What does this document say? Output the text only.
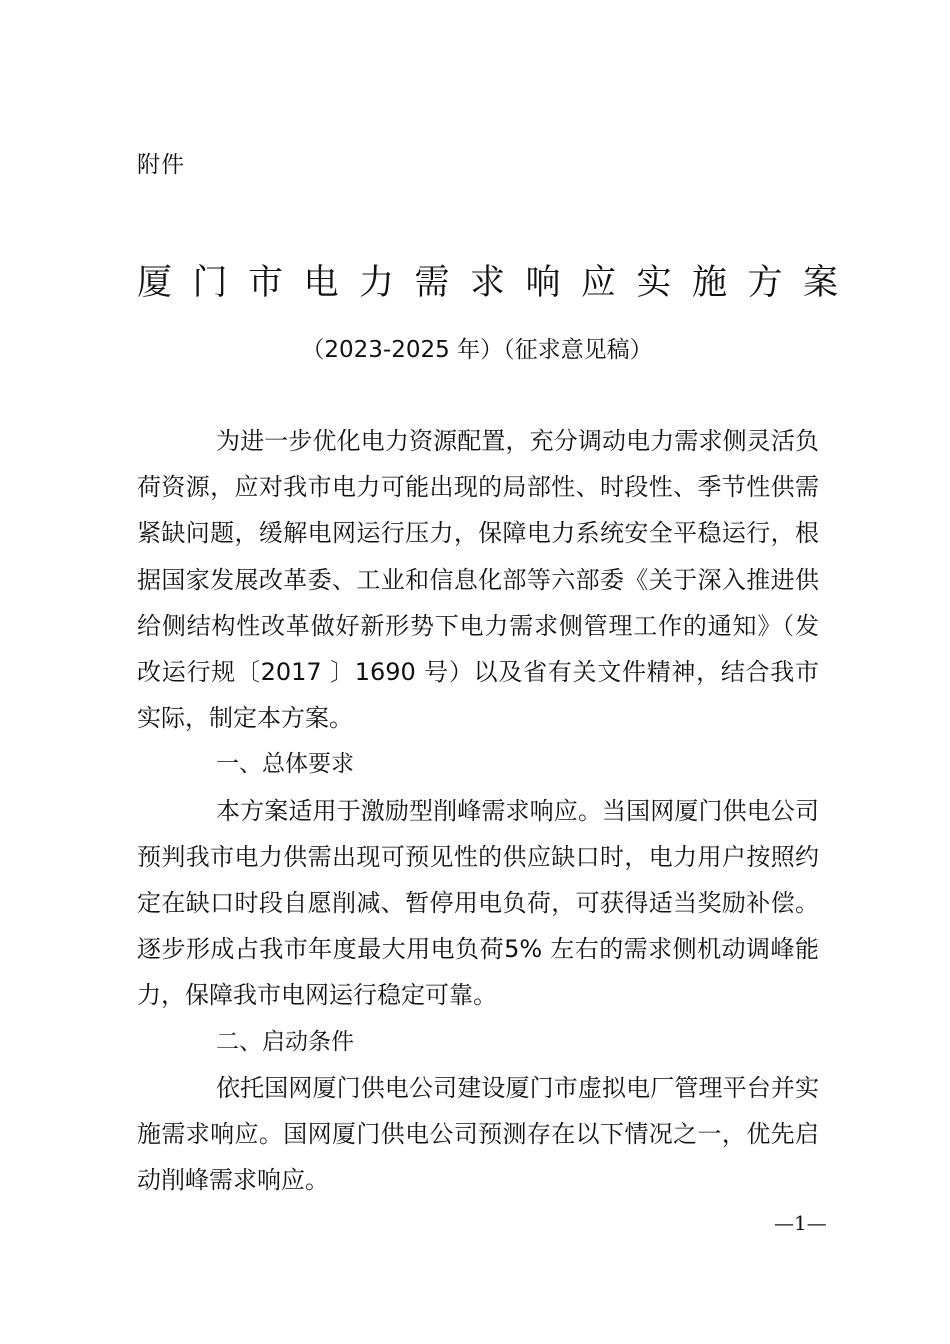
附件
厦门市电力需求响应实施方案
（2023-2025 年）（征求意见稿）

为进一步优化电力资源配置，充分调动电力需求侧灵活负荷资源，应对我市电力可能出现的局部性、时段性、季节性供需紧缺问题，缓解电网运行压力，保障电力系统安全平稳运行，根据国家发展改革委、工业和信息化部等六部委《关于深入推进供给侧结构性改革做好新形势下电力需求侧管理工作的通知》（发改运行规〔2017 〕1690 号）以及省有关文件精神，结合我市实际，制定本方案。

一、总体要求

本方案适用于激励型削峰需求响应。当国网厦门供电公司预判我市电力供需出现可预见性的供应缺口时，电力用户按照约定在缺口时段自愿削减、暂停用电负荷，可获得适当奖励补偿。逐步形成占我市年度最大用电负荷5% 左右的需求侧机动调峰能力，保障我市电网运行稳定可靠。

二、启动条件

依托国网厦门供电公司建设厦门市虚拟电厂管理平台并实施需求响应。国网厦门供电公司预测存在以下情况之一，优先启动削峰需求响应。

—1—
